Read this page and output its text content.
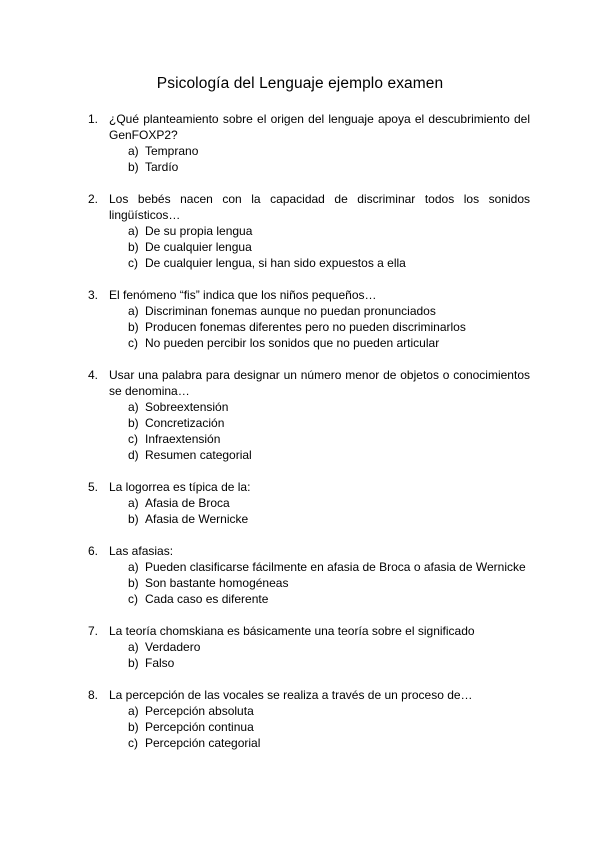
Psicología del Lenguaje ejemplo examen
1. ¿Qué planteamiento sobre el origen del lenguaje apoya el descubrimiento del GenFOXP2?
a) Temprano
b) Tardío
2. Los bebés nacen con la capacidad de discriminar todos los sonidos lingüísticos…
a) De su propia lengua
b) De cualquier lengua
c) De cualquier lengua, si han sido expuestos a ella
3. El fenómeno “fis” indica que los niños pequeños…
a) Discriminan fonemas aunque no puedan pronunciados
b) Producen fonemas diferentes pero no pueden discriminarlos
c) No pueden percibir los sonidos que no pueden articular
4. Usar una palabra para designar un número menor de objetos o conocimientos se denomina…
a) Sobreextensión
b) Concretización
c) Infraextensión
d) Resumen categorial
5. La logorrea es típica de la:
a) Afasia de Broca
b) Afasia de Wernicke
6. Las afasias:
a) Pueden clasificarse fácilmente en afasia de Broca o afasia de Wernicke
b) Son bastante homogéneas
c) Cada caso es diferente
7. La teoría chomskiana es básicamente una teoría sobre el significado
a) Verdadero
b) Falso
8. La percepción de las vocales se realiza a través de un proceso de…
a) Percepción absoluta
b) Percepción continua
c) Percepción categorial
